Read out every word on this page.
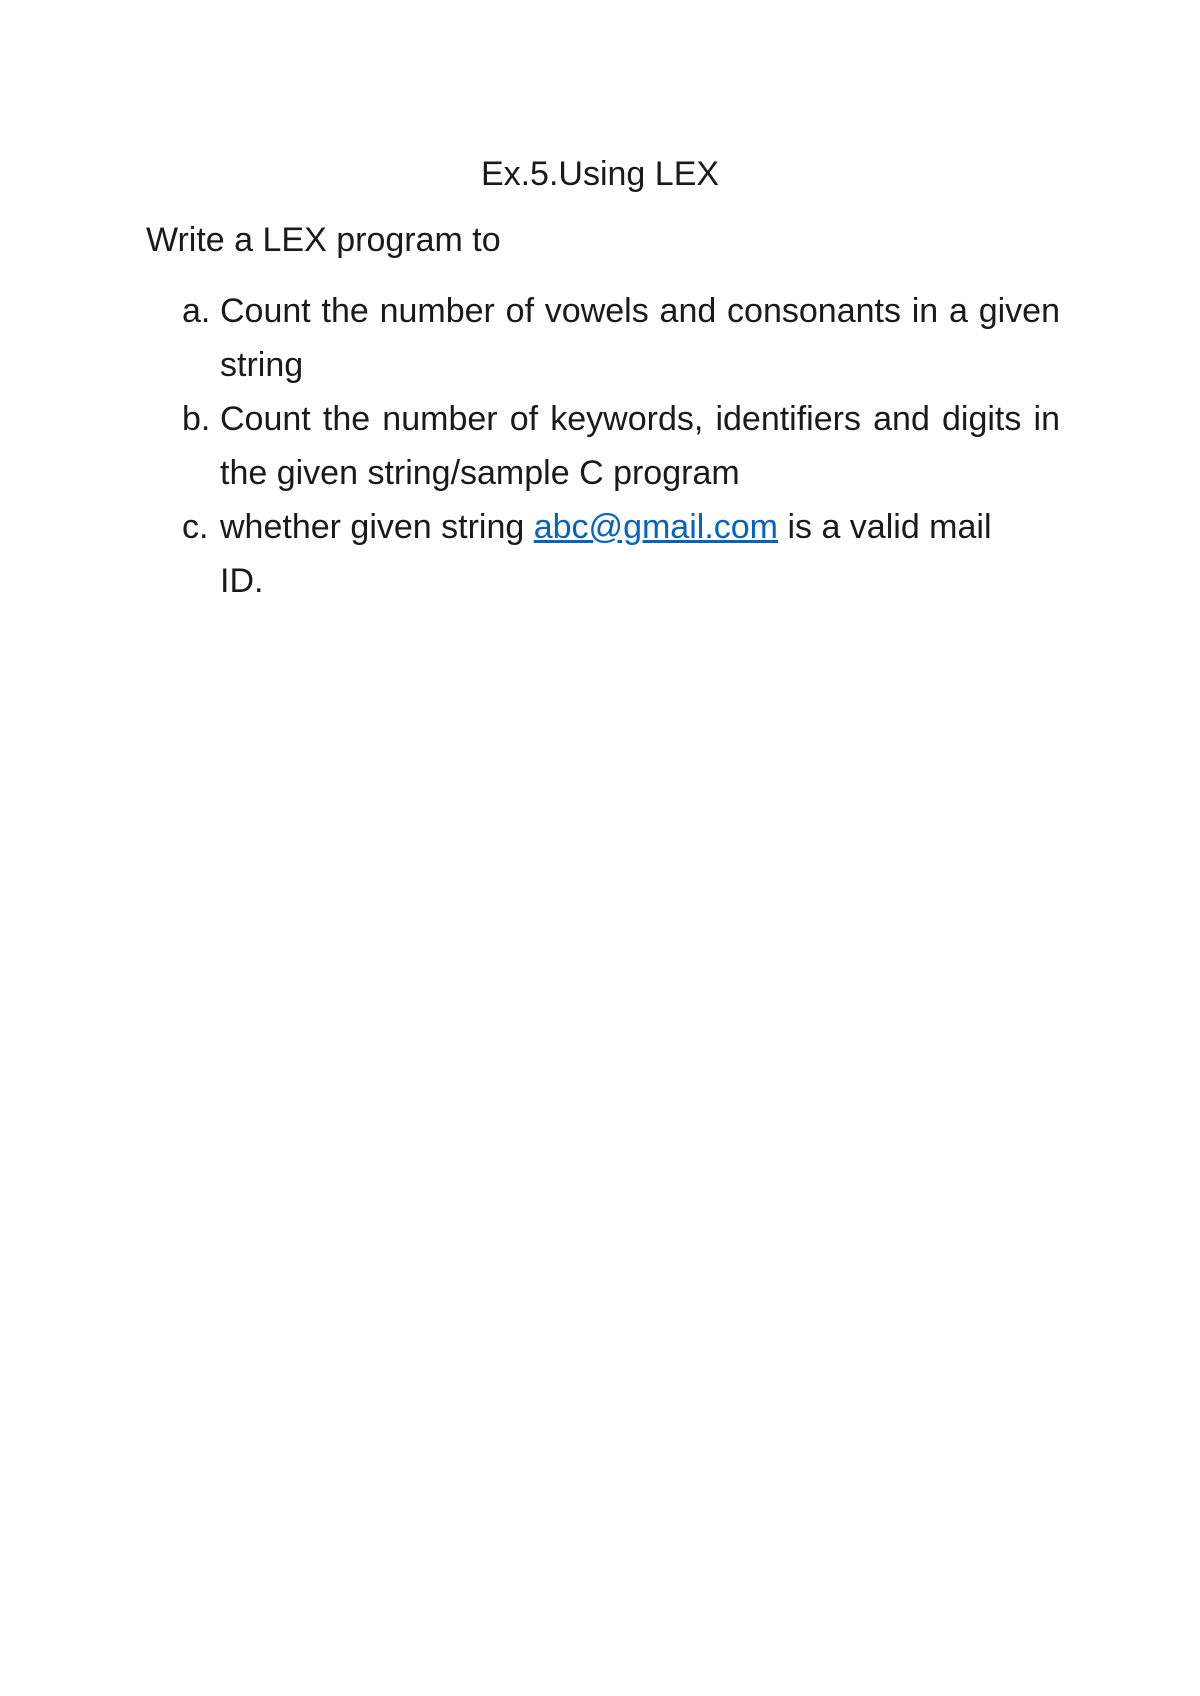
Ex.5.Using LEX

Write a LEX program to

a. Count the number of vowels and consonants in a given string
b. Count the number of keywords, identifiers and digits in the given string/sample C program
c. whether given string abc@gmail.com is a valid mail ID.
